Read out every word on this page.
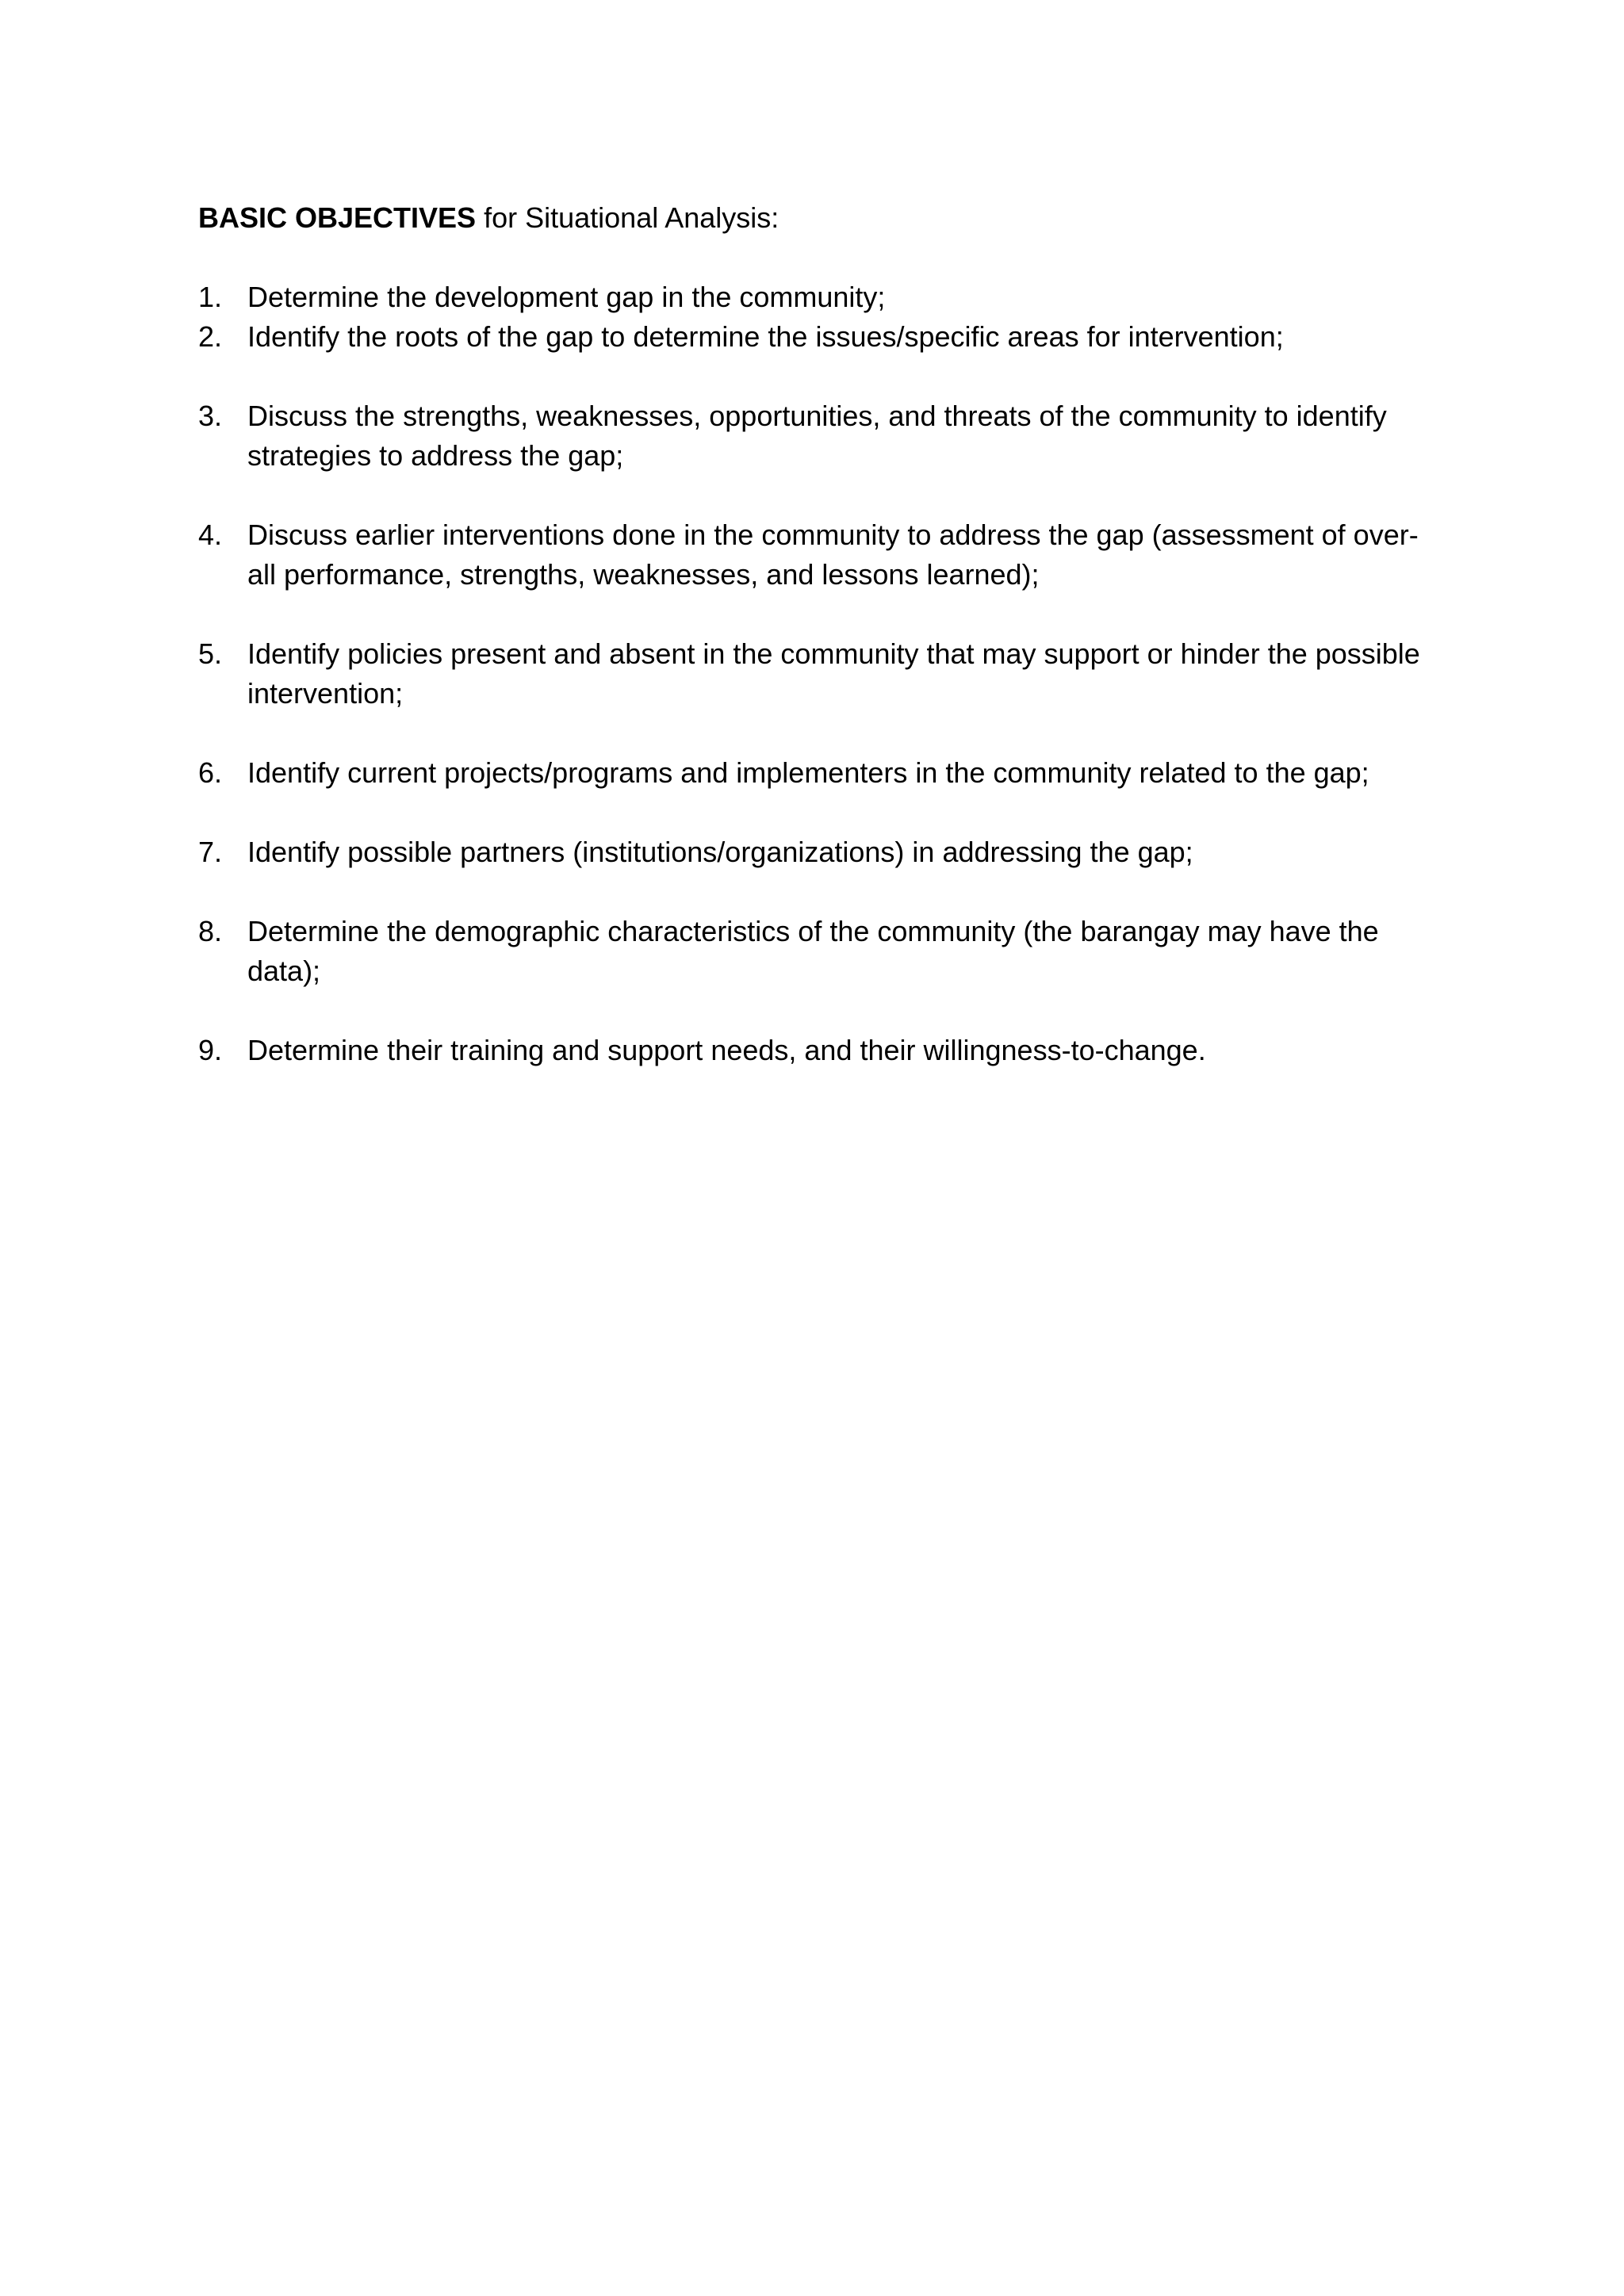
BASIC OBJECTIVES for Situational Analysis:

1. Determine the development gap in the community;
2. Identify the roots of the gap to determine the issues/specific areas for intervention;
3. Discuss the strengths, weaknesses, opportunities, and threats of the community to identify strategies to address the gap;
4. Discuss earlier interventions done in the community to address the gap (assessment of over-all performance, strengths, weaknesses, and lessons learned);
5. Identify policies present and absent in the community that may support or hinder the possible intervention;
6. Identify current projects/programs and implementers in the community related to the gap;
7. Identify possible partners (institutions/organizations) in addressing the gap;
8. Determine the demographic characteristics of the community (the barangay may have the data);
9. Determine their training and support needs, and their willingness-to-change.
